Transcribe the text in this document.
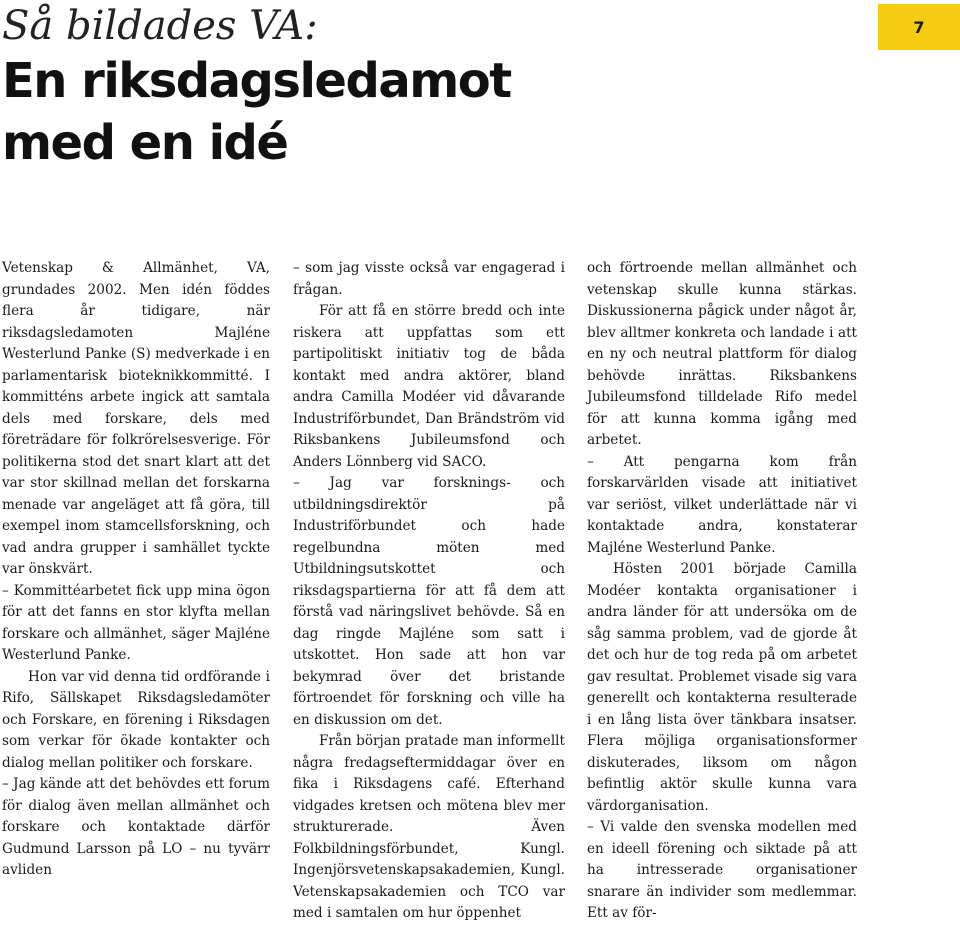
7
Så bildades VA:
En riksdagsledamot
med en idé

Vetenskap & Allmänhet, VA, grundades 2002. Men idén föddes flera år tidigare, när riksdagsledamoten Majléne Westerlund Panke (S) medverkade i en parlamentarisk bioteknikkommitté. I kommitténs arbete ingick att samtala dels med forskare, dels med företrädare för folkrörelsesverige. För politikerna stod det snart klart att det var stor skillnad mellan det forskarna menade var angeläget att få göra, till exempel inom stamcellsforskning, och vad andra grupper i samhället tyckte var önskvärt.

– Kommittéarbetet fick upp mina ögon för att det fanns en stor klyfta mellan forskare och allmänhet, säger Majléne Westerlund Panke.

Hon var vid denna tid ordförande i Rifo, Sällskapet Riksdagsledamöter och Forskare, en förening i Riksdagen som verkar för ökade kontakter och dialog mellan politiker och forskare.

– Jag kände att det behövdes ett forum för dialog även mellan allmänhet och forskare och kontaktade därför Gudmund Larsson på LO – nu tyvärr avliden

– som jag visste också var engagerad i frågan.

För att få en större bredd och inte riskera att uppfattas som ett partipolitiskt initiativ tog de båda kontakt med andra aktörer, bland andra Camilla Modéer vid dåvarande Industriförbundet, Dan Brändström vid Riksbankens Jubileumsfond och Anders Lönnberg vid SACO.

– Jag var forsknings- och utbildningsdirektör på Industriförbundet och hade regelbundna möten med Utbildningsutskottet och riksdagspartierna för att få dem att förstå vad näringslivet behövde. Så en dag ringde Majléne som satt i utskottet. Hon sade att hon var bekymrad över det bristande förtroendet för forskning och ville ha en diskussion om det.

Från början pratade man informellt några fredagseftermiddagar över en fika i Riksdagens café. Efterhand vidgades kretsen och mötena blev mer strukturerade. Även Folkbildningsförbundet, Kungl. Ingenjörsvetenskapsakademien, Kungl. Vetenskapsakademien och TCO var med i samtalen om hur öppenhet

och förtroende mellan allmänhet och vetenskap skulle kunna stärkas. Diskussionerna pågick under något år, blev alltmer konkreta och landade i att en ny och neutral plattform för dialog behövde inrättas. Riksbankens Jubileumsfond tilldelade Rifo medel för att kunna komma igång med arbetet.

– Att pengarna kom från forskarvärlden visade att initiativet var seriöst, vilket underlättade när vi kontaktade andra, konstaterar Majléne Westerlund Panke.

Hösten 2001 började Camilla Modéer kontakta organisationer i andra länder för att undersöka om de såg samma problem, vad de gjorde åt det och hur de tog reda på om arbetet gav resultat. Problemet visade sig vara generellt och kontakterna resulterade i en lång lista över tänkbara insatser. Flera möjliga organisationsformer diskuterades, liksom om någon befintlig aktör skulle kunna vara värdorganisation.

– Vi valde den svenska modellen med en ideell förening och siktade på att ha intresserade organisationer snarare än individer som medlemmar. Ett av för-
